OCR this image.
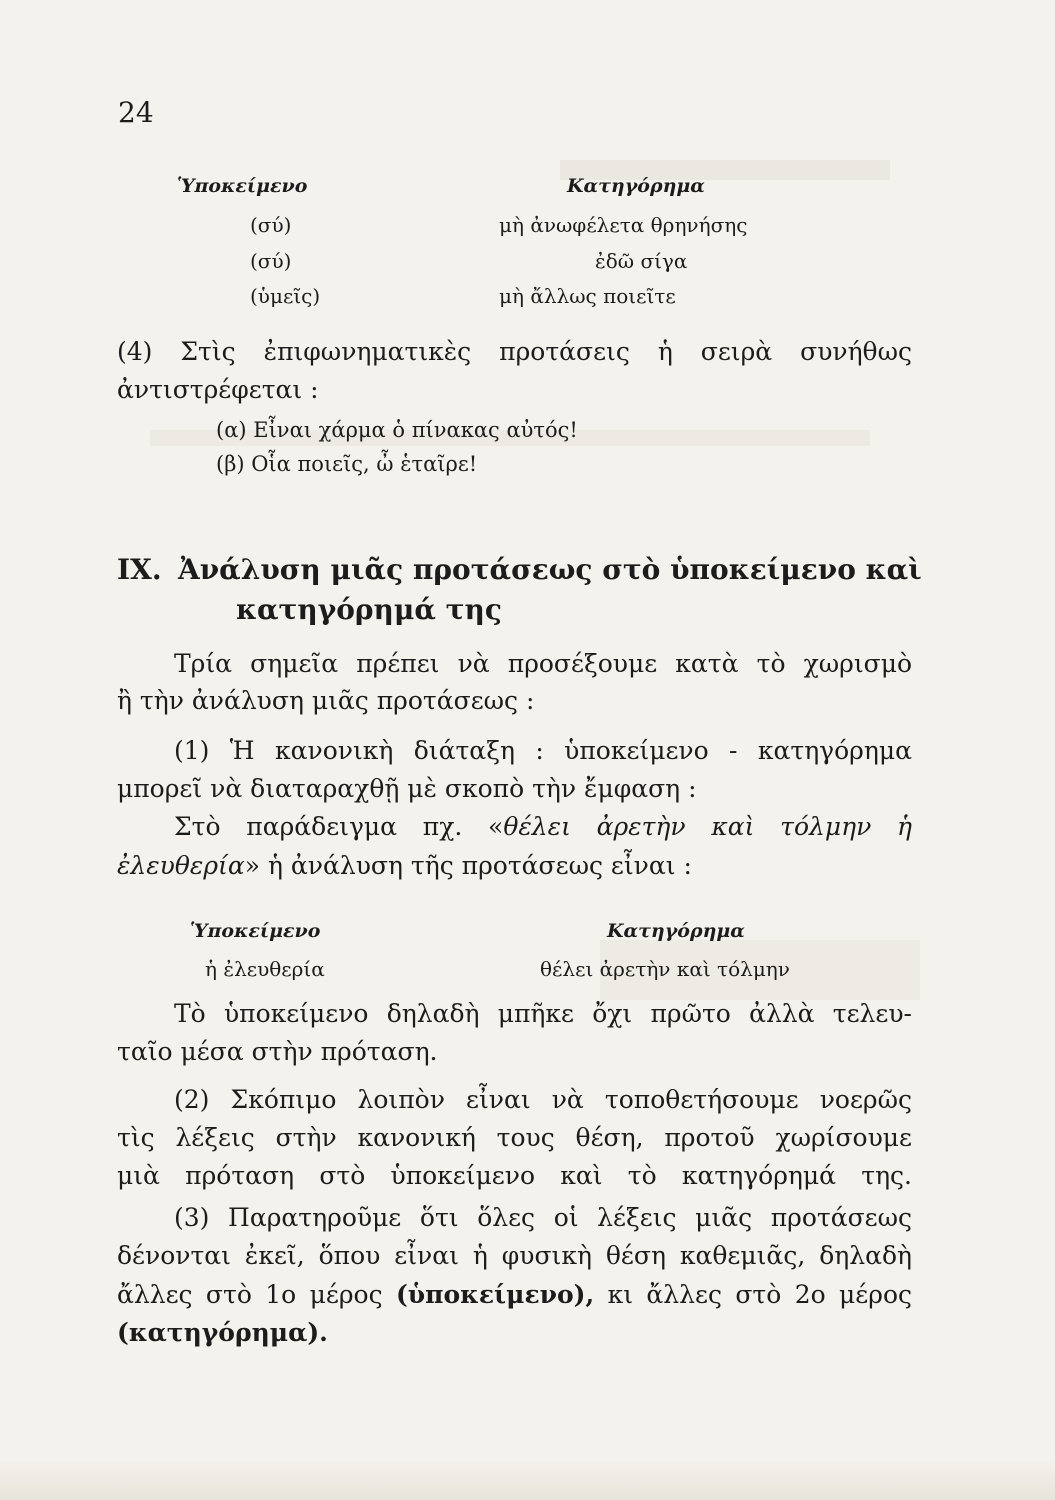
24
Ὑποκείμενο	Κατηγόρημα
(σύ)	μὴ ἀνωφέλετα θρηνήσης
(σύ)	ἐδῶ σίγα
(ὑμεῖς)	μὴ ἄλλως ποιεῖτε
(4) Στὶς ἐπιφωνηματικὲς προτάσεις ἡ σειρὰ συνήθως
ἀντιστρέφεται :
(α) Εἶναι χάρμα ὁ πίνακας αὐτός!
(β) Οἷα ποιεῖς, ὦ ἑταῖρε!
IX. Ἀνάλυση μιᾶς προτάσεως στὸ ὑποκείμενο καὶ
κατηγόρημά της
Τρία σημεῖα πρέπει νὰ προσέξουμε κατὰ τὸ χωρισμὸ
ἢ τὴν ἀνάλυση μιᾶς προτάσεως :
(1) Ἡ κανονικὴ διάταξη : ὑποκείμενο - κατηγόρημα
μπορεῖ νὰ διαταραχθῇ μὲ σκοπὸ τὴν ἔμφαση :
Στὸ παράδειγμα πχ. «θέλει ἀρετὴν καὶ τόλμην ἡ
ἐλευθερία» ἡ ἀνάλυση τῆς προτάσεως εἶναι :
Ὑποκείμενο	Κατηγόρημα
ἡ ἐλευθερία	θέλει ἀρετὴν καὶ τόλμην
Τὸ ὑποκείμενο δηλαδὴ μπῆκε ὄχι πρῶτο ἀλλὰ τελευ-
ταῖο μέσα στὴν πρόταση.
(2) Σκόπιμο λοιπὸν εἶναι νὰ τοποθετήσουμε νοερῶς
τὶς λέξεις στὴν κανονική τους θέση, προτοῦ χωρίσουμε
μιὰ πρόταση στὸ ὑποκείμενο καὶ τὸ κατηγόρημά της.
(3) Παρατηροῦμε ὅτι ὅλες οἱ λέξεις μιᾶς προτάσεως
δένονται ἐκεῖ, ὅπου εἶναι ἡ φυσικὴ θέση καθεμιᾶς, δηλαδὴ
ἄλλες στὸ 1ο μέρος (ὑποκείμενο), κι ἄλλες στὸ 2ο μέρος
(κατηγόρημα).
